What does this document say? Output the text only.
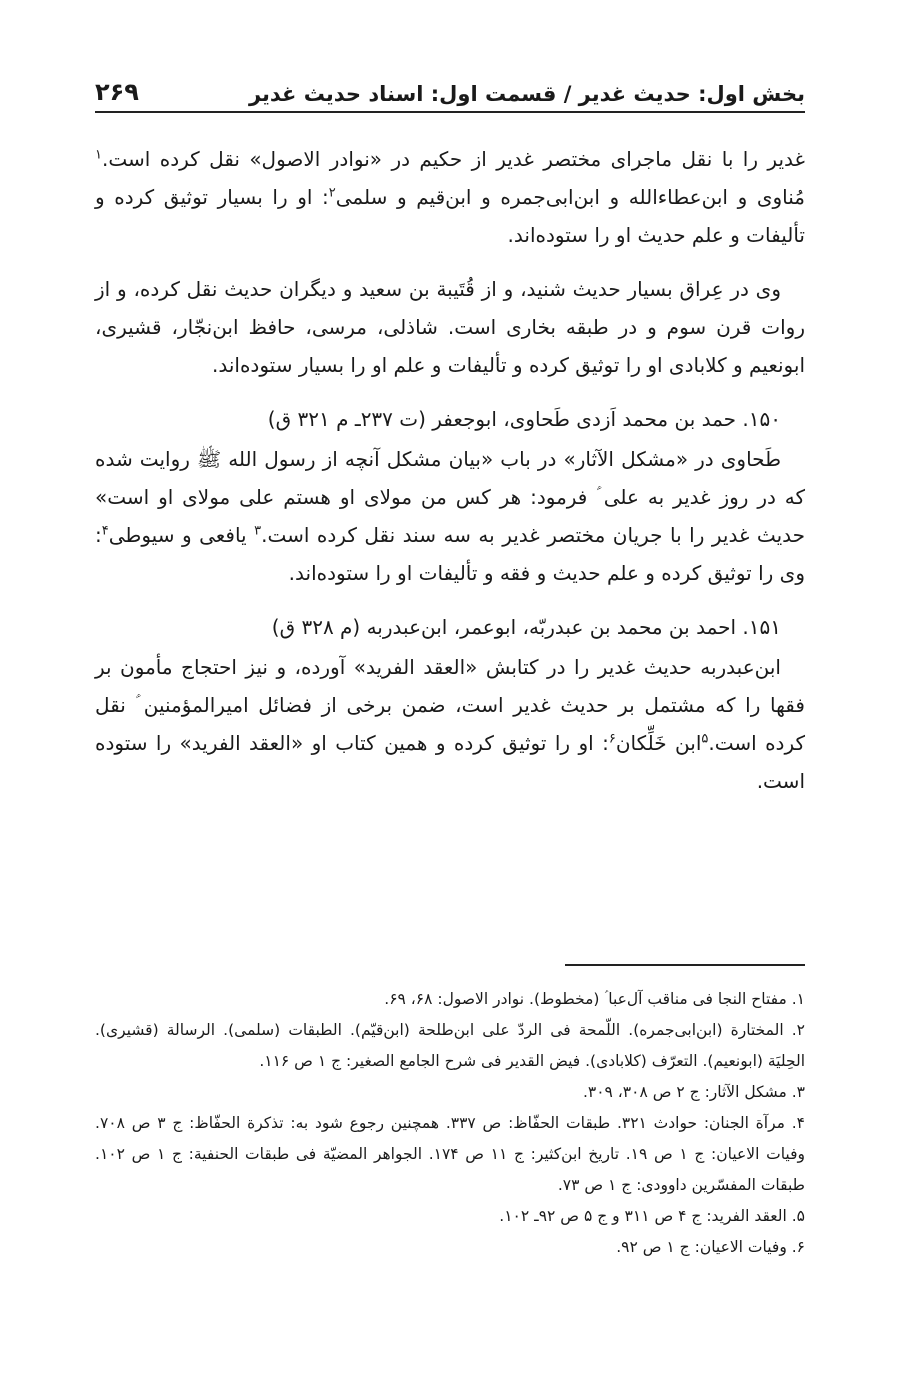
بخش اول: حدیث غدیر / قسمت اول: اسناد حدیث غدیر
۲۶۹

غدیر را با نقل ماجرای مختصر غدیر از حکیم در «نوادر الاصول» نقل کرده است.$^۱$ مُناوی و ابن‌عطاءالله و ابن‌ابی‌جمره و ابن‌قیم و سلمی$^۲$: او را بسیار توثیق کرده و تألیفات و علم حدیث او را ستوده‌اند.

وی در عِراق بسیار حدیث شنید، و از قُتَیبة بن سعید و دیگران حدیث نقل کرده، و از روات قرن سوم و در طبقه بخاری است. شاذلی، مرسی، حافظ ابن‌نجّار، قشیری، ابونعیم و کلابادی او را توثیق کرده و تألیفات و علم او را بسیار ستوده‌اند.

۱۵۰. حمد بن محمد اَزدی طَحاوی، ابوجعفر (ت ۲۳۷ـ م ۳۲۱ ق)

طَحاوی در «مشکل الآثار» در باب «بیان مشکل آنچه از رسول الله ﷺ روایت شده که در روز غدیر به علی ؑ فرمود: هر کس من مولای او هستم علی مولای او است» حدیث غدیر را با جریان مختصر غدیر به سه سند نقل کرده است.$^۳$ یافعی و سیوطی$^۴$: وی را توثیق کرده و علم حدیث و فقه و تألیفات او را ستوده‌اند.

۱۵۱. احمد بن محمد بن عبدربّه، ابوعمر، ابن‌عبدربه (م ۳۲۸ ق)

ابن‌عبدربه حدیث غدیر را در کتابش «العقد الفرید» آورده، و نیز احتجاج مأمون بر فقها را که مشتمل بر حدیث غدیر است، ضمن برخی از فضائل امیرالمؤمنین ؑ نقل کرده است.$^۵$ابن خَلِّکان$^۶$: او را توثیق کرده و همین کتاب او «العقد الفرید» را ستوده است.

۱. مفتاح النجا فی مناقب آل‌عبا ؑ (مخطوط). نوادر الاصول: ۶۸، ۶۹.

۲. المختارة (ابن‌ابی‌جمره). اللّمحة فی الردّ علی ابن‌طلحة (ابن‌قیّم). الطبقات (سلمی). الرسالة (قشیری). الحِلیَة (ابونعیم). التعرّف (کلابادی). فیض القدیر فی شرح الجامع الصغیر: ج ۱ ص ۱۱۶.

۳. مشکل الآثار: ج ۲ ص ۳۰۸، ۳۰۹.

۴. مرآة الجنان: حوادث ۳۲۱. طبقات الحفّاظ: ص ۳۳۷. همچنین رجوع شود به: تذکرة الحفّاظ: ج ۳ ص ۷۰۸. وفیات الاعیان: ج ۱ ص ۱۹. تاریخ ابن‌کثیر: ج ۱۱ ص ۱۷۴. الجواهر المضیّة فی طبقات الحنفیة: ج ۱ ص ۱۰۲. طبقات المفسّرین داوودی: ج ۱ ص ۷۳.

۵. العقد الفرید: ج ۴ ص ۳۱۱ و ج ۵ ص ۹۲ـ ۱۰۲.

۶. وفیات الاعیان: ج ۱ ص ۹۲.
